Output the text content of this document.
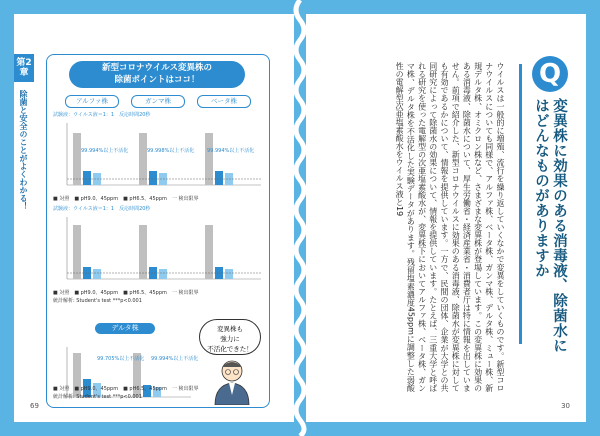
第2章
除菌と安全のことがよくわかる！
新型コロナウイルス変異株の
除菌ポイントはココ！
アルファ株	ガンマ株	ベータ株
試験液：ウイルス液＝1：1　反応時間20秒
99.994%以上不活化	99.998%以上不活化	99.994%以上不活化
■ 対照　■ pH9.0、45ppm　■ pH6.5、45ppm　一 検出限界
試験液：ウイルス液＝1：1　反応時間20秒
■ 対照　■ pH9.0、45ppm　■ pH6.5、45ppm　一 検出限界
統計解析: Student's test ***p<0.001
デルタ株
99.705%以上不活化 99.994%以上不活化
■ 対照　■ pH9.0、45ppm　■ pH6.5、45ppm　一 検出限界
統計解析: Student's test ***p<0.001
変異株も
強力に
不活化できた！
69
Q
変異株に効果のある消毒液、除菌水にはどんなものがありますか
ウイルスは一般的に増殖、流行を繰り返していくなかで変異をしていくものです。新型コロナウイルスについても同様で、アルファ株、ベータ株、ガンマ株、デルタ株、ミュー株、新規デルタ株、オミクロン株など、さまざまな変異株が登場しています。この変異株に効果のある消毒液、除菌水について、厚生労働省・経済産業省・消費者庁は特に情報を出していません。前項で紹介した、新型コロナウイルスに効果のある消毒液、除菌水が変異株に対しても有効であるかについて、情報を提供しています。一方で、民間の団体、企業が大学との共同研究によって除菌水の効果について、情報を提供しています。たとえば、三重大学と呼ばれる研究を使った電解型の次亜塩素酸水が、変異株下においてアルファ株、ベータ株、ガンマ株、デルタ株を不活化した実験データがあります。残留塩素濃度45ppmに調整した弱酸性の電解型次亜塩素酸水をウイルス液と19
30
